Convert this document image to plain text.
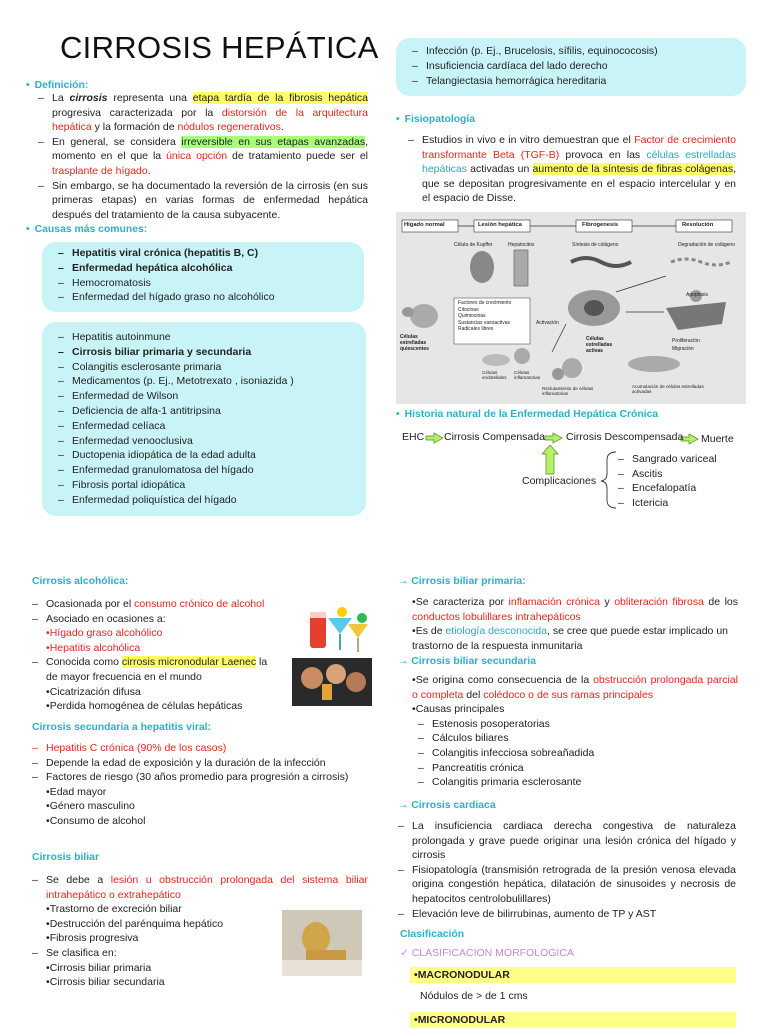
CIRROSIS HEPÁTICA
• Definición:
– La cirrosis representa una etapa tardía de la fibrosis hepática progresiva caracterizada por la distorsión de la arquitectura hepática y la formación de nódulos regenerativos.
– En general, se considera irreversible en sus etapas avanzadas, momento en el que la única opción de tratamiento puede ser el trasplante de hígado.
– Sin embargo, se ha documentado la reversión de la cirrosis (en sus primeras etapas) en varias formas de enfermedad hepática después del tratamiento de la causa subyacente.
• Causas más comunes:
– Hepatitis viral crónica (hepatitis B, C)
– Enfermedad hepática alcohólica
– Hemocromatosis
– Enfermedad del hígado graso no alcohólico
– Hepatitis autoinmune
– Cirrosis biliar primaria y secundaria
– Colangitis esclerosante primaria
– Medicamentos (p. Ej., Metotrexato , isoniazida )
– Enfermedad de Wilson
– Deficiencia de alfa-1 antitripsina
– Enfermedad celíaca
– Enfermedad venooclusiva
– Ductopenia idiopática de la edad adulta
– Enfermedad granulomatosa del hígado
– Fibrosis portal idiopática
– Enfermedad poliquística del hígado
– Infección (p. Ej., Brucelosis, sífilis, equinococosis)
– Insuficiencia cardíaca del lado derecho
– Telangiectasia hemorrágica hereditaria
• Fisiopatología
– Estudios in vivo e in vitro demuestran que el Factor de crecimiento transformante Beta (TGF-B) provoca en las células estrelladas hepáticas activadas un aumento de la síntesis de fibras colágenas, que se depositan progresivamente en el espacio intercelular y en el espacio de Disse.
Hígado normal	Lesión hepática	Fibrogenesis	Resolución
Célula de Kupffer	Hepatocitos	Síntesis de colágeno	Degradación de colágeno
Factores de crecimiento
Citocinas
Quimiocinas
Sustancias vasoactivas
Radicales libres
Activación
Apoptosis
Células estrelladas quiescentes
Células endoteliales
Células inflamatorias
Células estrelladas activas
Proliferación
Migración
Reclutamiento de células inflamatorias
Acumulación de células estrelladas activadas
• Historia natural de la Enfermedad Hepática Crónica
EHC Cirrosis Compensada Cirrosis Descompensada Muerte
Complicaciones
– Sangrado variceal
– Ascitis
– Encefalopatía
– Ictericia
Cirrosis alcohólica:
– Ocasionada por el consumo crónico de alcohol
– Asociado en ocasiones a:
• Hígado graso alcohólico
• Hepatitis alcohólica
– Conocida como cirrosis micronodular Laenec la de mayor frecuencia en el mundo
• Cicatrización difusa
• Perdida homogénea de células hepáticas
Cirrosis secundaria a hepatitis viral:
– Hepatitis C crónica (90% de los casos)
– Depende la edad de exposición y la duración de la infección
– Factores de riesgo (30 años promedio para progresión a cirrosis)
• Edad mayor
• Género masculino
• Consumo de alcohol
Cirrosis biliar
– Se debe a lesión u obstrucción prolongada del sistema biliar intrahepático o extrahepático
• Trastorno de excreción biliar
• Destrucción del parénquima hepático
• Fibrosis progresiva
– Se clasifica en:
• Cirrosis biliar primaria
• Cirrosis biliar secundaria
→ Cirrosis biliar primaria:
• Se caracteriza por inflamación crónica y obliteración fibrosa de los conductos lobulillares intrahepáticos
• Es de etiología desconocida, se cree que puede estar implicado un trastorno de la respuesta inmunitaria
→ Cirrosis biliar secundaria
• Se origina como consecuencia de la obstrucción prolongada parcial o completa del colédoco o de sus ramas principales
• Causas principales
– Estenosis posoperatorias
– Cálculos biliares
– Colangitis infecciosa sobreañadida
– Pancreatitis crónica
– Colangitis primaria esclerosante
→ Cirrosis cardiaca
– La insuficiencia cardiaca derecha congestiva de naturaleza prolongada y grave puede originar una lesión crónica del hígado y cirrosis
– Fisiopatología (transmisión retrograda de la presión venosa elevada origina congestión hepática, dilatación de sinusoides y necrosis de hepatocitos centrolobulillares)
– Elevación leve de bilirrubinas, aumento de TP y AST
Clasificación
✓ CLASIFICACION MORFOLOGICA
•MACRONODULAR
Nódulos de > de 1 cms
•MICRONODULAR
